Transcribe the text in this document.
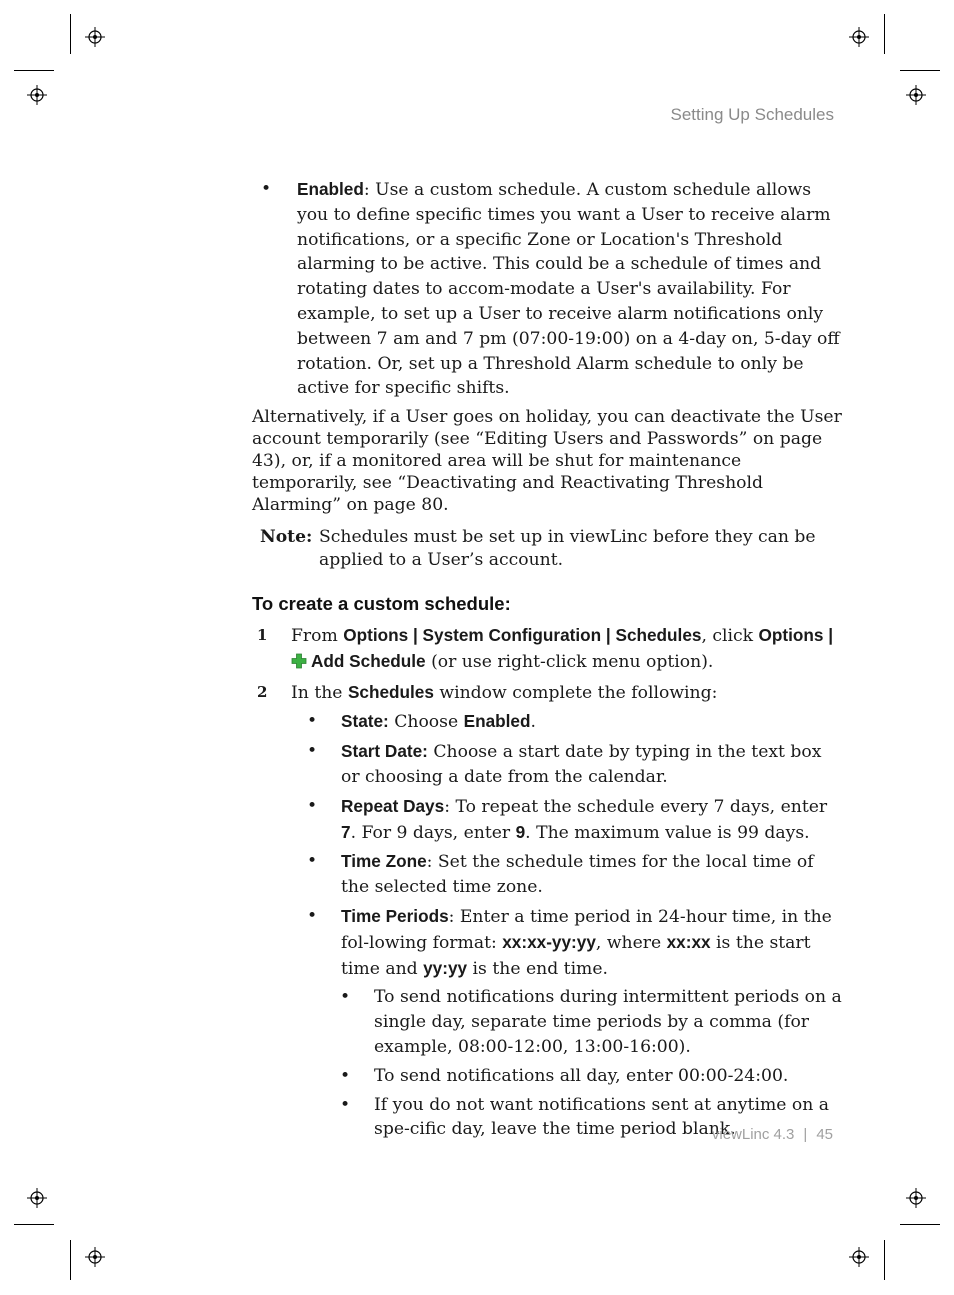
Setting Up Schedules
• Enabled: Use a custom schedule. A custom schedule allows you to define specific times you want a User to receive alarm notifications, or a specific Zone or Location's Threshold alarming to be active. This could be a schedule of times and rotating dates to accom-modate a User's availability. For example, to set up a User to receive alarm notifications only between 7 am and 7 pm (07:00-19:00) on a 4-day on, 5-day off rotation. Or, set up a Threshold Alarm schedule to only be active for specific shifts.

Alternatively, if a User goes on holiday, you can deactivate the User account temporarily (see “Editing Users and Passwords” on page 43), or, if a monitored area will be shut for maintenance temporarily, see “Deactivating and Reactivating Threshold Alarming” on page 80.

Note: Schedules must be set up in viewLinc before they can be applied to a User’s account.
To create a custom schedule:
1 From Options | System Configuration | Schedules, click Options |
Add Schedule (or use right-click menu option).
2 In the Schedules window complete the following:
• State: Choose Enabled.
• Start Date: Choose a start date by typing in the text box or choosing a date from the calendar.
• Repeat Days: To repeat the schedule every 7 days, enter 7. For 9 days, enter 9. The maximum value is 99 days.
• Time Zone: Set the schedule times for the local time of the selected time zone.
• Time Periods: Enter a time period in 24-hour time, in the fol-lowing format: xx:xx-yy:yy, where xx:xx is the start time and yy:yy is the end time.
• To send notifications during intermittent periods on a single day, separate time periods by a comma (for example, 08:00-12:00, 13:00-16:00).
• To send notifications all day, enter 00:00-24:00.
• If you do not want notifications sent at anytime on a spe-cific day, leave the time period blank.
viewLinc 4.3 | 45
